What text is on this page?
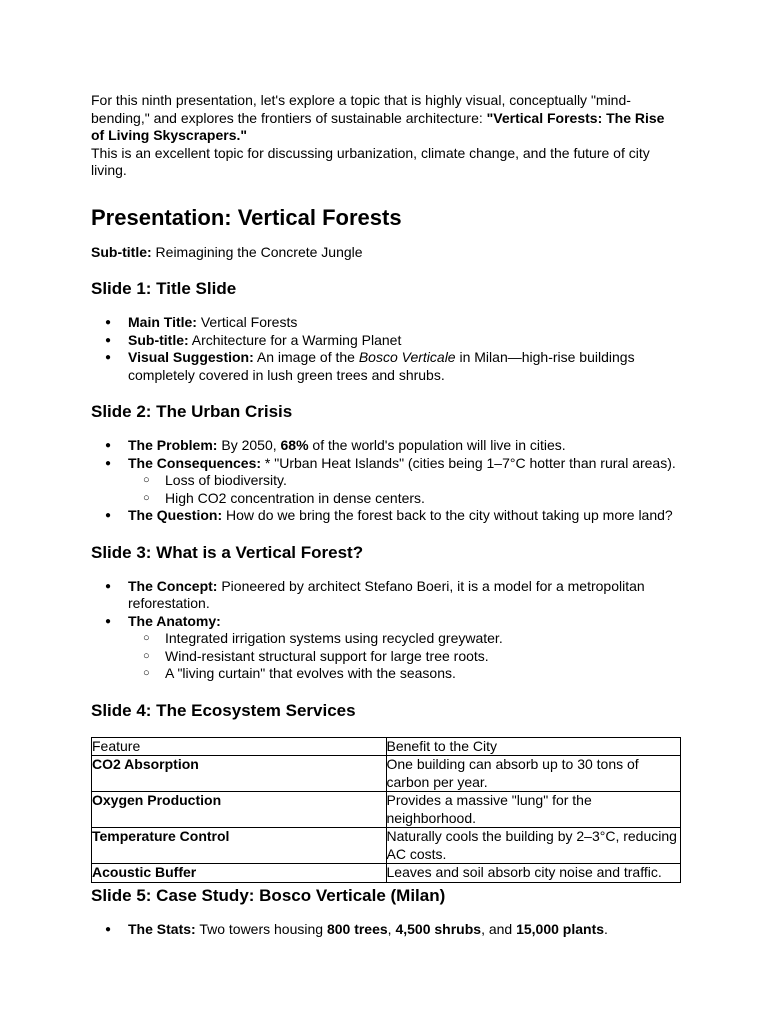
For this ninth presentation, let's explore a topic that is highly visual, conceptually "mind-bending," and explores the frontiers of sustainable architecture: "Vertical Forests: The Rise of Living Skyscrapers."

This is an excellent topic for discussing urbanization, climate change, and the future of city living.

Presentation: Vertical Forests

Sub-title: Reimagining the Concrete Jungle

Slide 1: Title Slide
● Main Title: Vertical Forests
● Sub-title: Architecture for a Warming Planet
● Visual Suggestion: An image of the Bosco Verticale in Milan—high-rise buildings completely covered in lush green trees and shrubs.
Slide 2: The Urban Crisis
● The Problem: By 2050, 68% of the world's population will live in cities.
● The Consequences: * "Urban Heat Islands" (cities being 1–7°C hotter than rural areas).
○ Loss of biodiversity.
○ High CO2 concentration in dense centers.
● The Question: How do we bring the forest back to the city without taking up more land?
Slide 3: What is a Vertical Forest?
● The Concept: Pioneered by architect Stefano Boeri, it is a model for a metropolitan reforestation.
● The Anatomy:
○ Integrated irrigation systems using recycled greywater.
○ Wind-resistant structural support for large tree roots.
○ A "living curtain" that evolves with the seasons.
Slide 4: The Ecosystem Services
Feature	Benefit to the City
CO2 Absorption	One building can absorb up to 30 tons of carbon per year.
Oxygen Production	Provides a massive "lung" for the neighborhood.
Temperature Control	Naturally cools the building by 2–3°C, reducing AC costs.
Acoustic Buffer	Leaves and soil absorb city noise and traffic.
Slide 5: Case Study: Bosco Verticale (Milan)
● The Stats: Two towers housing 800 trees, 4,500 shrubs, and 15,000 plants.
